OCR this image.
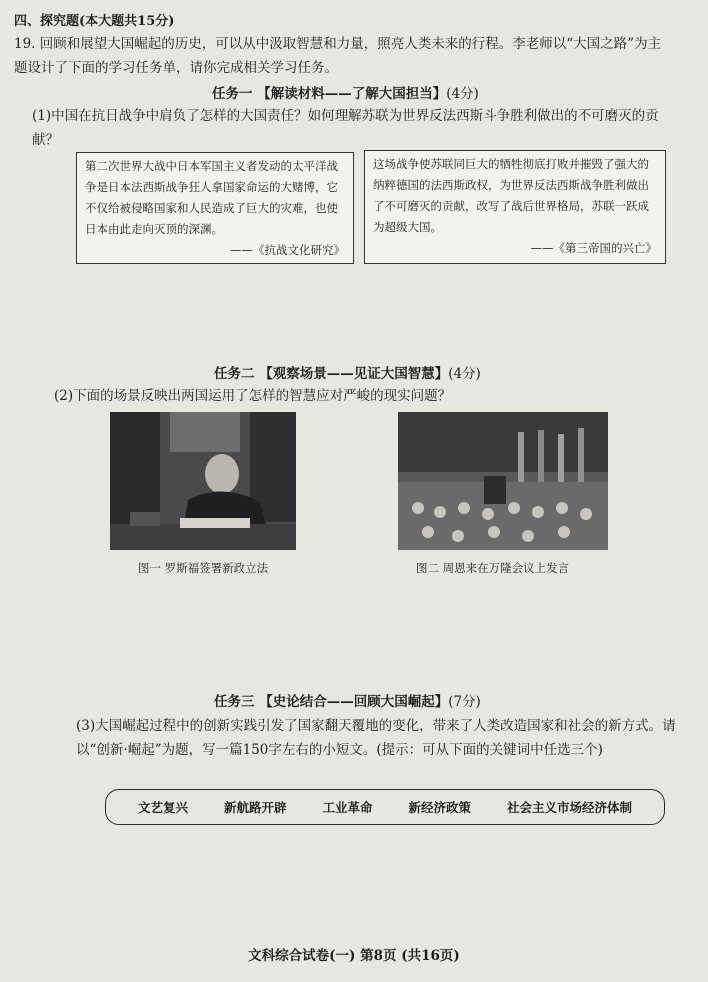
四、探究题(本大题共15分)
19. 回顾和展望大国崛起的历史，可以从中汲取智慧和力量，照亮人类未来的行程。李老师以“大国之路”为主题设计了下面的学习任务单，请你完成相关学习任务。
任务一 【解读材料——了解大国担当】(4分)
(1)中国在抗日战争中肩负了怎样的大国责任？如何理解苏联为世界反法西斯斗争胜利做出的不可磨灭的贡献？
第二次世界大战中日本军国主义者发动的太平洋战争是日本法西斯战争狂人拿国家命运的大赌博，它不仅给被侵略国家和人民造成了巨大的灾难，也使日本由此走向灭顶的深渊。
——《抗战文化研究》
这场战争使苏联同巨大的牺牲彻底打败并摧毁了强大的纳粹德国的法西斯政权，为世界反法西斯战争胜利做出了不可磨灭的贡献，改写了战后世界格局，苏联一跃成为超级大国。
——《第三帝国的兴亡》
任务二 【观察场景——见证大国智慧】(4分)
(2)下面的场景反映出两国运用了怎样的智慧应对严峻的现实问题？
图一 罗斯福签署新政立法	图二 周恩来在万隆会议上发言
任务三 【史论结合——回顾大国崛起】(7分)
(3)大国崛起过程中的创新实践引发了国家翻天覆地的变化，带来了人类改造国家和社会的新方式。请以“创新·崛起”为题，写一篇150字左右的小短文。(提示：可从下面的关键词中任选三个)
文艺复兴	新航路开辟	工业革命	新经济政策	社会主义市场经济体制
文科综合试卷(一) 第8页 (共16页)
